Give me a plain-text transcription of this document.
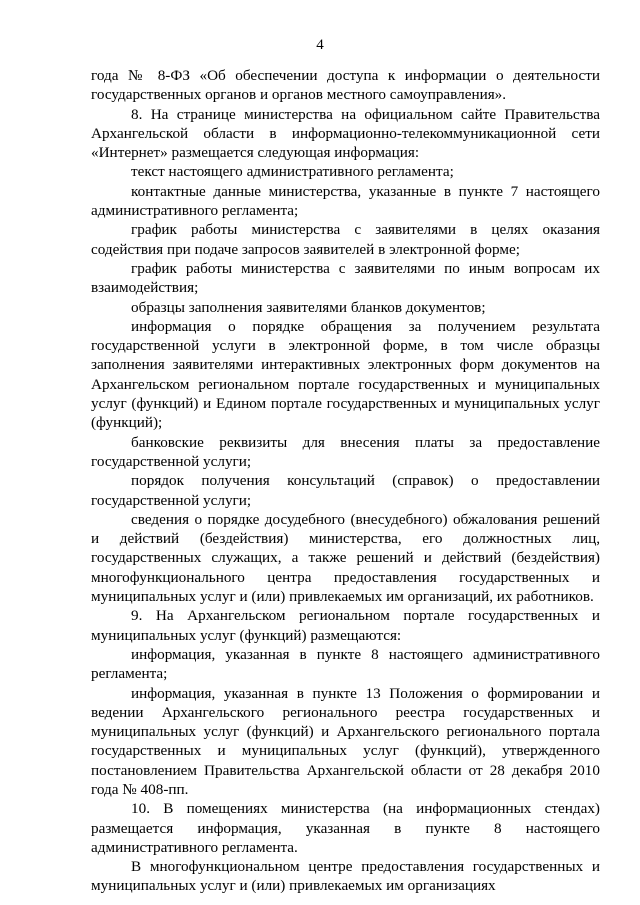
4

года № 8-ФЗ «Об обеспечении доступа к информации о деятельности государственных органов и органов местного самоуправления».

8. На странице министерства на официальном сайте Правительства Архангельской области в информационно-телекоммуникационной сети «Интернет» размещается следующая информация:

текст настоящего административного регламента;

контактные данные министерства, указанные в пункте 7 настоящего административного регламента;

график работы министерства с заявителями в целях оказания содействия при подаче запросов заявителей в электронной форме;

график работы министерства с заявителями по иным вопросам их взаимодействия;

образцы заполнения заявителями бланков документов;

информация о порядке обращения за получением результата государственной услуги в электронной форме, в том числе образцы заполнения заявителями интерактивных электронных форм документов на Архангельском региональном портале государственных и муниципальных услуг (функций) и Едином портале государственных и муниципальных услуг (функций);

банковские реквизиты для внесения платы за предоставление государственной услуги;

порядок получения консультаций (справок) о предоставлении государственной услуги;

сведения о порядке досудебного (внесудебного) обжалования решений и действий (бездействия) министерства, его должностных лиц, государственных служащих, а также решений и действий (бездействия) многофункционального центра предоставления государственных и муниципальных услуг и (или) привлекаемых им организаций, их работников.

9. На Архангельском региональном портале государственных и муниципальных услуг (функций) размещаются:

информация, указанная в пункте 8 настоящего административного регламента;

информация, указанная в пункте 13 Положения о формировании и ведении Архангельского регионального реестра государственных и муниципальных услуг (функций) и Архангельского регионального портала государственных и муниципальных услуг (функций), утвержденного постановлением Правительства Архангельской области от 28 декабря 2010 года № 408-пп.

10. В помещениях министерства (на информационных стендах) размещается информация, указанная в пункте 8 настоящего административного регламента.

В многофункциональном центре предоставления государственных и муниципальных услуг и (или) привлекаемых им организациях
